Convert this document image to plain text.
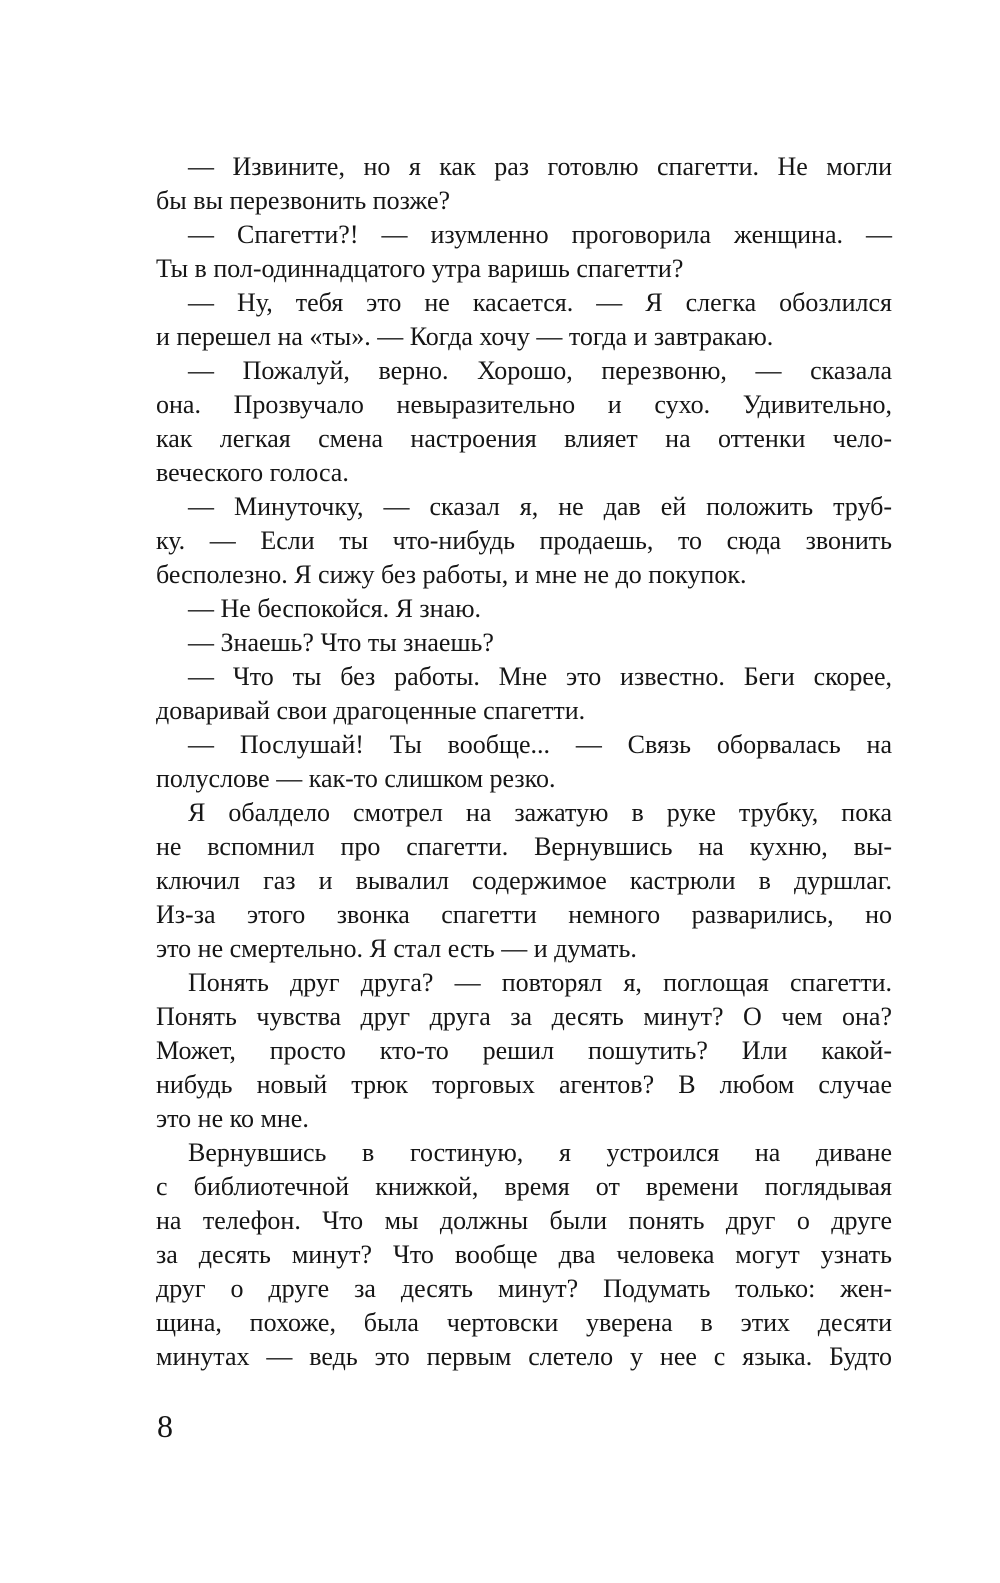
— Извините, но я как раз готовлю спагетти. Не могли
бы вы перезвонить позже?
— Спагетти?! — изумленно проговорила женщина. —
Ты в пол-одиннадцатого утра варишь спагетти?
— Ну, тебя это не касается. — Я слегка обозлился
и перешел на «ты». — Когда хочу — тогда и завтракаю.
— Пожалуй, верно. Хорошо, перезвоню, — сказала
она. Прозвучало невыразительно и сухо. Удивительно,
как легкая смена настроения влияет на оттенки чело-
веческого голоса.
— Минуточку, — сказал я, не дав ей положить труб-
ку. — Если ты что-нибудь продаешь, то сюда звонить
бесполезно. Я сижу без работы, и мне не до покупок.
— Не беспокойся. Я знаю.
— Знаешь? Что ты знаешь?
— Что ты без работы. Мне это известно. Беги скорее,
доваривай свои драгоценные спагетти.
— Послушай! Ты вообще... — Связь оборвалась на
полуслове — как-то слишком резко.
Я обалдело смотрел на зажатую в руке трубку, пока
не вспомнил про спагетти. Вернувшись на кухню, вы-
ключил газ и вывалил содержимое кастрюли в дуршлаг.
Из-за этого звонка спагетти немного разварились, но
это не смертельно. Я стал есть — и думать.
Понять друг друга? — повторял я, поглощая спагетти.
Понять чувства друг друга за десять минут? О чем она?
Может, просто кто-то решил пошутить? Или какой-
нибудь новый трюк торговых агентов? В любом случае
это не ко мне.
Вернувшись в гостиную, я устроился на диване
с библиотечной книжкой, время от времени поглядывая
на телефон. Что мы должны были понять друг о друге
за десять минут? Что вообще два человека могут узнать
друг о друге за десять минут? Подумать только: жен-
щина, похоже, была чертовски уверена в этих десяти
минутах — ведь это первым слетело у нее с языка. Будто
8
